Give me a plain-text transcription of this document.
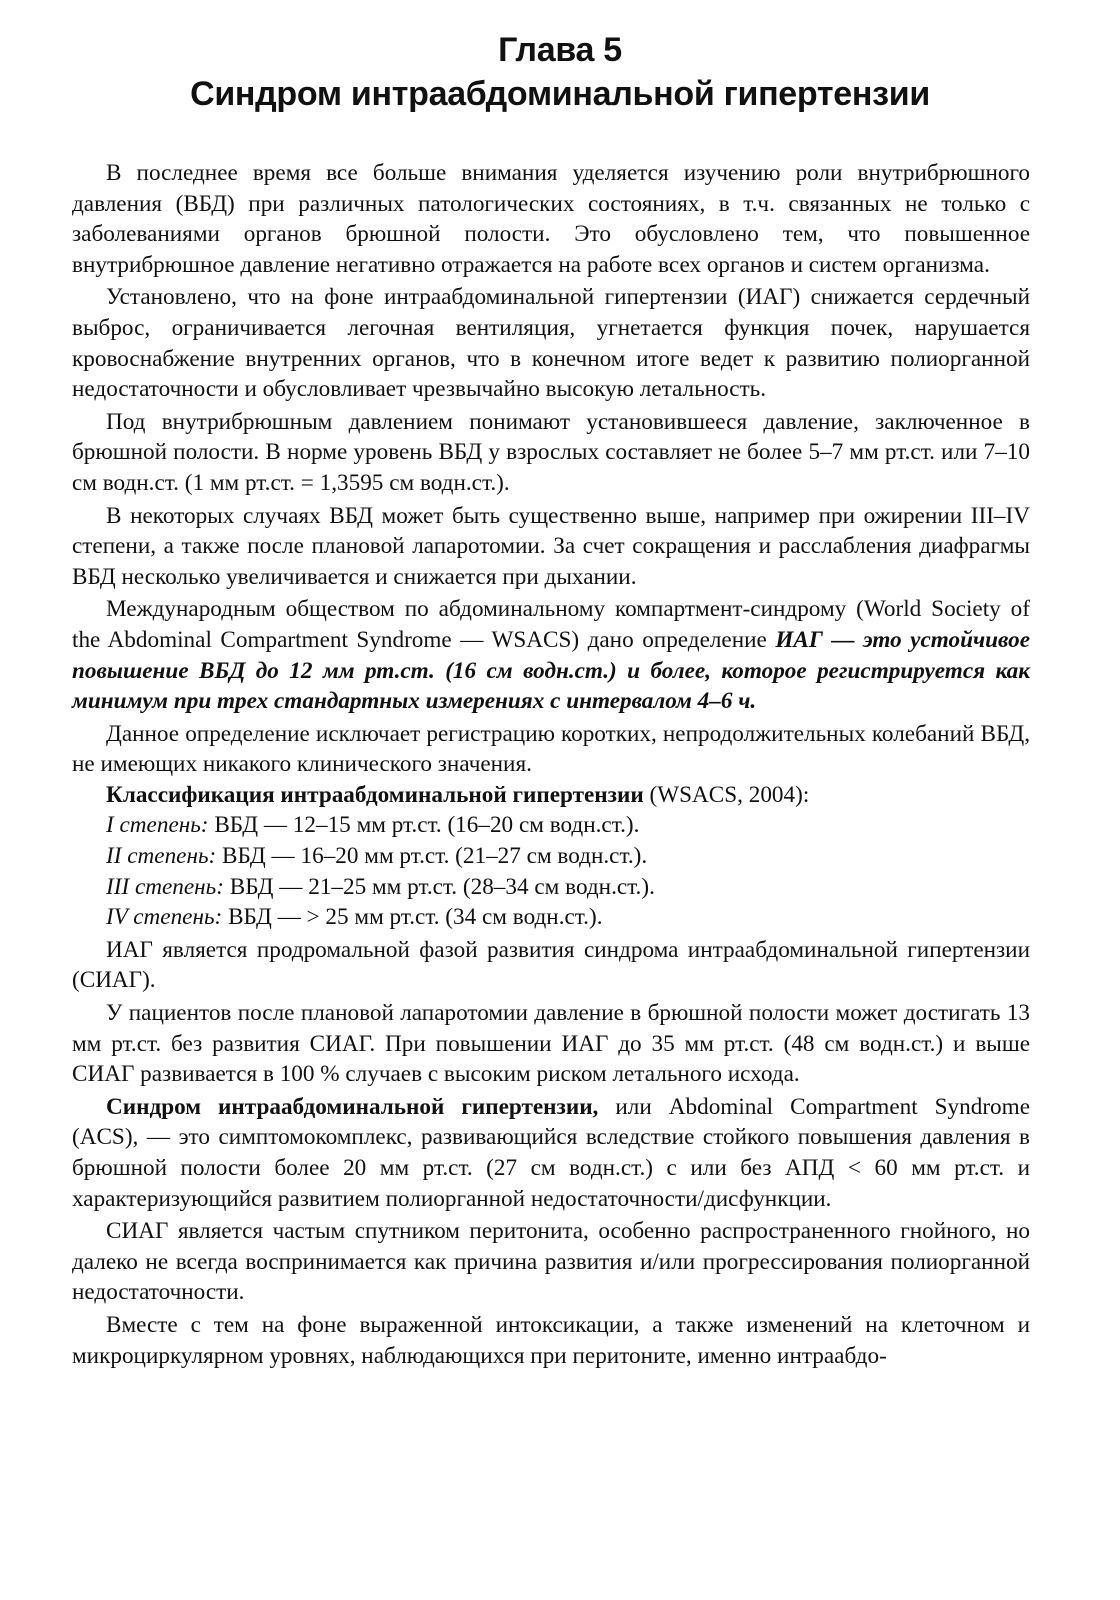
Глава 5
Синдром интраабдоминальной гипертензии

В последнее время все больше внимания уделяется изучению роли внутрибрюшного давления (ВБД) при различных патологических состояниях, в т.ч. связанных не только с заболеваниями органов брюшной полости. Это обусловлено тем, что повышенное внутрибрюшное давление негативно отражается на работе всех органов и систем организма.

Установлено, что на фоне интраабдоминальной гипертензии (ИАГ) снижается сердечный выброс, ограничивается легочная вентиляция, угнетается функция почек, нарушается кровоснабжение внутренних органов, что в конечном итоге ведет к развитию полиорганной недостаточности и обусловливает чрезвычайно высокую летальность.

Под внутрибрюшным давлением понимают установившееся давление, заключенное в брюшной полости. В норме уровень ВБД у взрослых составляет не более 5–7 мм рт.ст. или 7–10 см водн.ст. (1 мм рт.ст. = 1,3595 см водн.ст.).

В некоторых случаях ВБД может быть существенно выше, например при ожирении III–IV степени, а также после плановой лапаротомии. За счет сокращения и расслабления диафрагмы ВБД несколько увеличивается и снижается при дыхании.

Международным обществом по абдоминальному компартмент-синдрому (World Society of the Abdominal Compartment Syndrome — WSACS) дано определение ИАГ — это устойчивое повышение ВБД до 12 мм рт.ст. (16 см водн.ст.) и более, которое регистрируется как минимум при трех стандартных измерениях с интервалом 4–6 ч.

Данное определение исключает регистрацию коротких, непродолжительных колебаний ВБД, не имеющих никакого клинического значения.

Классификация интраабдоминальной гипертензии (WSACS, 2004):

I степень: ВБД — 12–15 мм рт.ст. (16–20 см водн.ст.).

II степень: ВБД — 16–20 мм рт.ст. (21–27 см водн.ст.).

III степень: ВБД — 21–25 мм рт.ст. (28–34 см водн.ст.).

IV степень: ВБД — > 25 мм рт.ст. (34 см водн.ст.).

ИАГ является продромальной фазой развития синдрома интраабдоминальной гипертензии (СИАГ).

У пациентов после плановой лапаротомии давление в брюшной полости может достигать 13 мм рт.ст. без развития СИАГ. При повышении ИАГ до 35 мм рт.ст. (48 см водн.ст.) и выше СИАГ развивается в 100 % случаев с высоким риском летального исхода.

Синдром интраабдоминальной гипертензии, или Abdominal Compartment Syndrome (ACS), — это симптомокомплекс, развивающийся вследствие стойкого повышения давления в брюшной полости более 20 мм рт.ст. (27 см водн.ст.) с или без АПД < 60 мм рт.ст. и характеризующийся развитием полиорганной недостаточности/дисфункции.

СИАГ является частым спутником перитонита, особенно распространенного гнойного, но далеко не всегда воспринимается как причина развития и/или прогрессирования полиорганной недостаточности.

Вместе с тем на фоне выраженной интоксикации, а также изменений на клеточном и микроциркулярном уровнях, наблюдающихся при перитоните, именно интраабдо-
